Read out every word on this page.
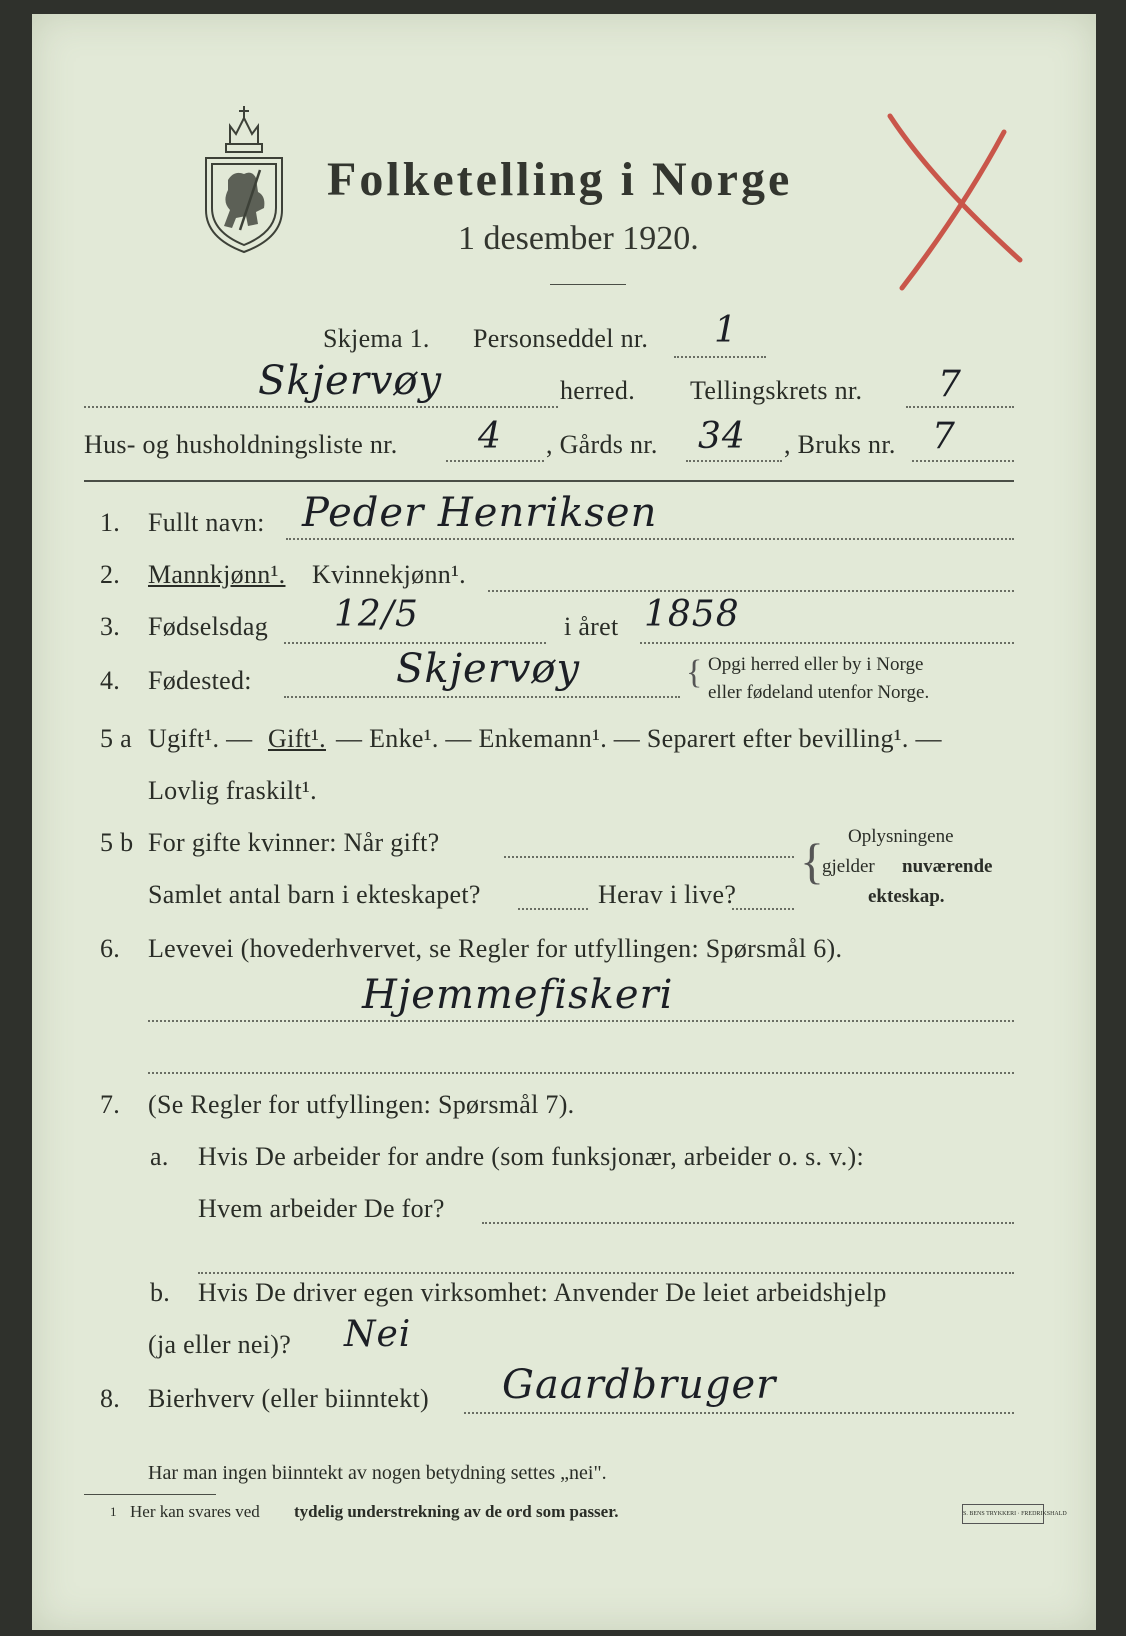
Folketelling i Norge
1 desember 1920.
Skjema 1. Personseddel nr. 1
Skjervøy	herred. Tellingskrets nr. 7
Hus- og husholdningsliste nr. 4 , Gårds nr. 34 , Bruks nr. 7
1. Fullt navn: Peder Henriksen
2. Mannkjønn¹. Kvinnekjønn¹.
3. Fødselsdag 12/5	i året 1858
4. Fødested:	Skjervøy	{ Opgi herred eller by i Norge
eller fødeland utenfor Norge.
5 a Ugift¹. — Gift¹. — Enke¹. — Enkemann¹. — Separert efter bevilling¹. —
Lovlig fraskilt¹.
5 b For gifte kvinner: Når gift?
Samlet antal barn i ekteskapet?	Herav i live?
{ Oplysningene
gjelder nuværende
ekteskap.
6. Levevei (hovederhvervet, se Regler for utfyllingen: Spørsmål 6).
Hjemmefiskeri
7. (Se Regler for utfyllingen: Spørsmål 7).
a. Hvis De arbeider for andre (som funksjonær, arbeider o. s. v.):
Hvem arbeider De for?
b. Hvis De driver egen virksomhet: Anvender De leiet arbeidshjelp
(ja eller nei)? Nei
8. Bierhverv (eller biinntekt) Gaardbruger
Har man ingen biinntekt av nogen betydning settes „nei".
1 Her kan svares ved tydelig understrekning av de ord som passer.	S. BENS TRYKKERI · FREDRIKSHALD
